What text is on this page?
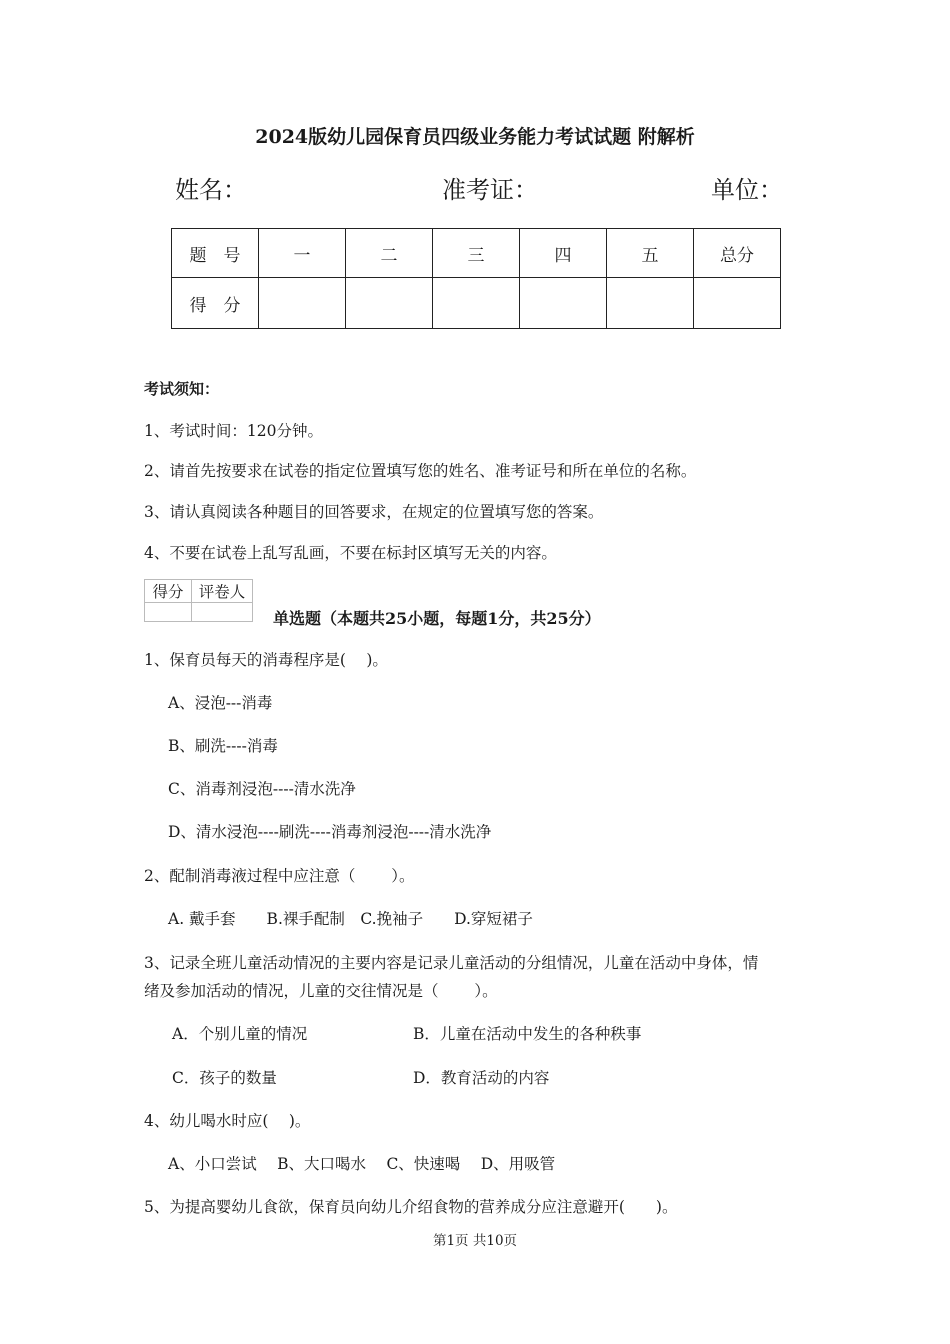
2024版幼儿园保育员四级业务能力考试试题 附解析
姓名：	准考证：	单位：
题　号	一	二	三	四	五	总分
得　分						
考试须知：
1、考试时间：120分钟。
2、请首先按要求在试卷的指定位置填写您的姓名、准考证号和所在单位的名称。
3、请认真阅读各种题目的回答要求，在规定的位置填写您的答案。
4、不要在试卷上乱写乱画，不要在标封区填写无关的内容。
得分	评卷人

单选题（本题共25小题，每题1分，共25分）
1、保育员每天的消毒程序是(　 )。
A、浸泡---消毒
B、刷洗----消毒
C、消毒剂浸泡----清水洗净
D、清水浸泡----刷洗----消毒剂浸泡----清水洗净
2、配制消毒液过程中应注意（　　 ）。
A. 戴手套　　B.裸手配制　C.挽袖子　　D.穿短裙子
3、记录全班儿童活动情况的主要内容是记录儿童活动的分组情况，儿童在活动中身体，情
绪及参加活动的情况，儿童的交往情况是（　　 ）。
A．个别儿童的情况	B．儿童在活动中发生的各种秩事
C．孩子的数量	D．教育活动的内容
4、幼儿喝水时应(　 )。
A、小口尝试　 B、大口喝水　 C、快速喝　 D、用吸管
5、为提高婴幼儿食欲，保育员向幼儿介绍食物的营养成分应注意避开(　　)。
第1页 共10页
